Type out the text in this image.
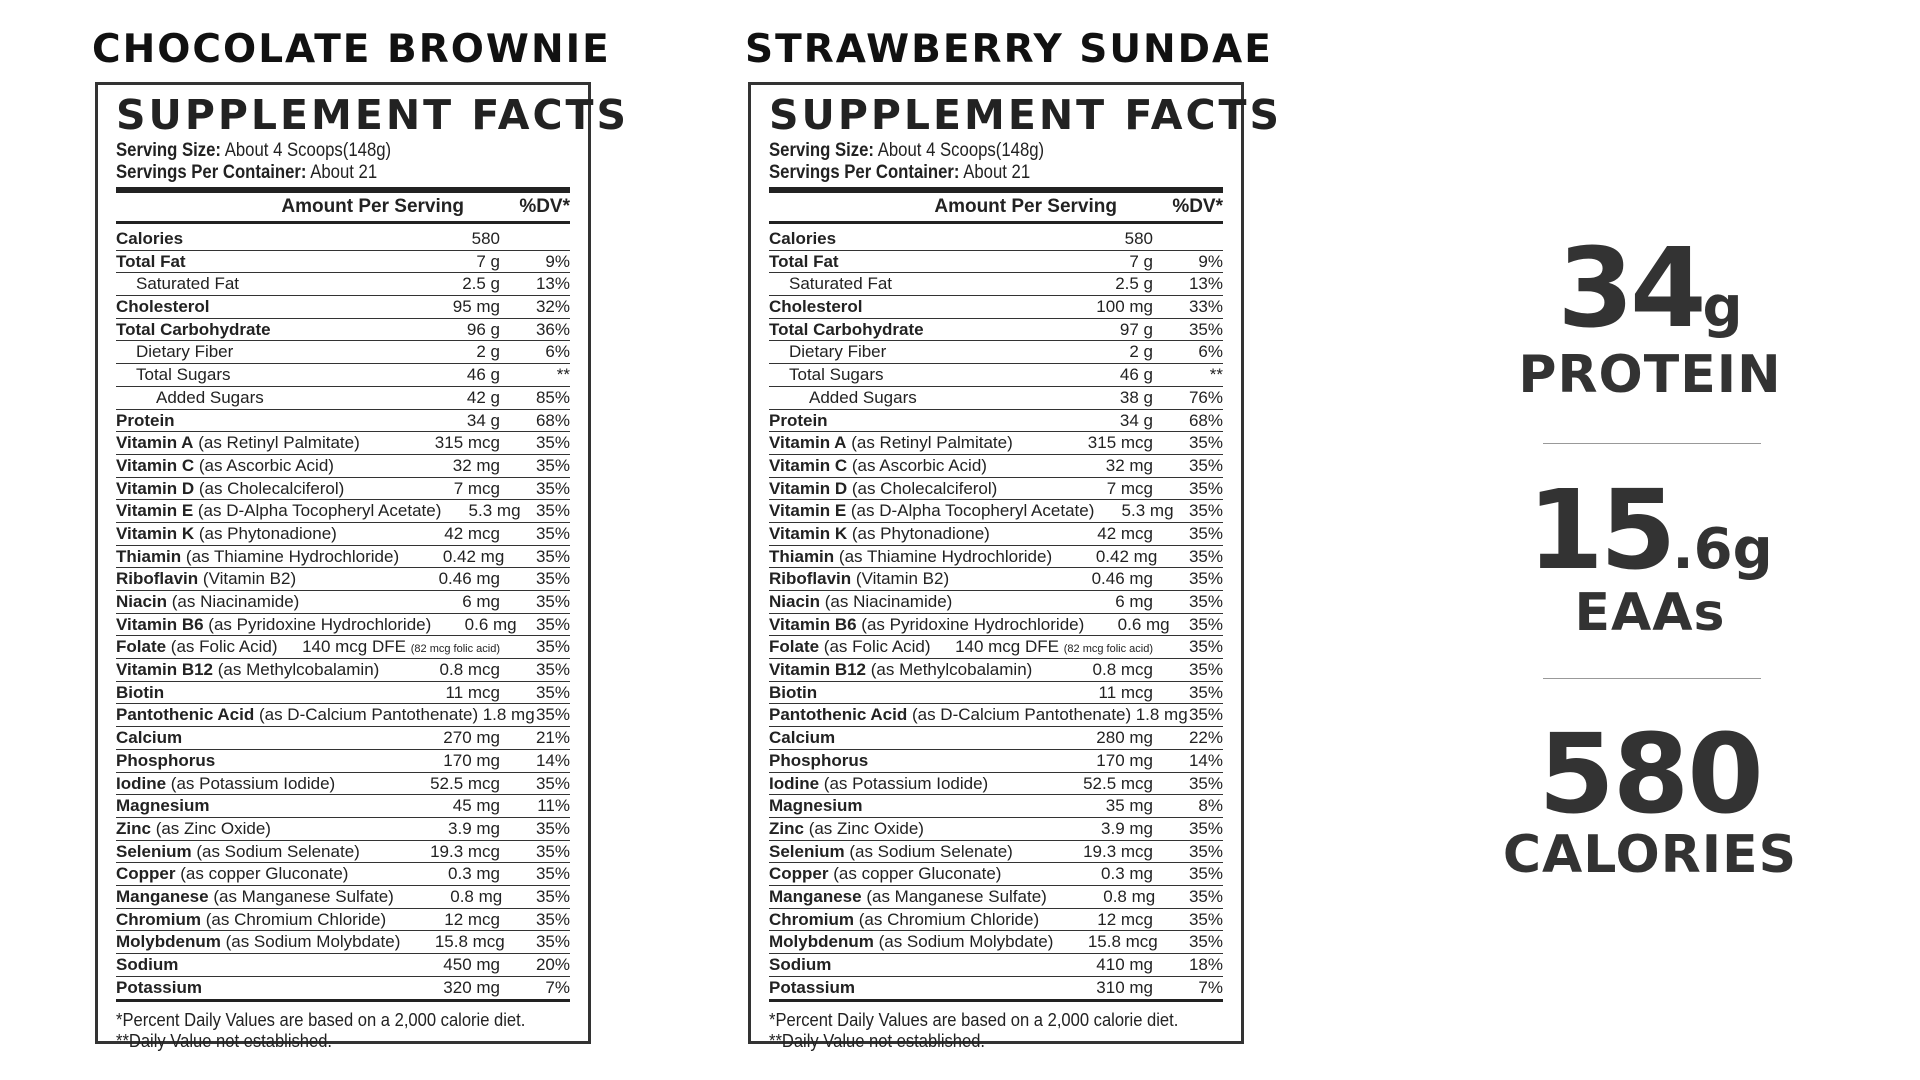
CHOCOLATE BROWNIE	STRAWBERRY SUNDAE
SUPPLEMENT FACTS
Serving Size: About 4 Scoops(148g)
Servings Per Container: About 21
Amount Per Serving	%DV*
Calories	580
Total Fat	7 g	9%
Saturated Fat	2.5 g	13%
Cholesterol	95 mg	32%
Total Carbohydrate	96 g	36%
Dietary Fiber	2 g	6%
Total Sugars	46 g	**
Added Sugars	42 g	85%
Protein	34 g	68%
Vitamin A (as Retinyl Palmitate)	315 mcg	35%
Vitamin C (as Ascorbic Acid)	32 mg	35%
Vitamin D (as Cholecalciferol)	7 mcg	35%
Vitamin E (as D-Alpha Tocopheryl Acetate)	5.3 mg 35%
Vitamin K (as Phytonadione)	42 mcg	35%
Thiamin (as Thiamine Hydrochloride)	0.42 mg	35%
Riboflavin (Vitamin B2)	0.46 mg	35%
Niacin (as Niacinamide)	6 mg	35%
Vitamin B6 (as Pyridoxine Hydrochloride)	0.6 mg	35%
Folate (as Folic Acid)	140 mcg DFE (82 mcg folic acid)	35%
Vitamin B12 (as Methylcobalamin)	0.8 mcg	35%
Biotin	11 mcg	35%
Pantothenic Acid (as D-Calcium Pantothenate) 1.8 mg 35%
Calcium	270 mg	21%
Phosphorus	170 mg	14%
Iodine (as Potassium Iodide)	52.5 mcg	35%
Magnesium	45 mg	11%
Zinc (as Zinc Oxide)	3.9 mg	35%
Selenium (as Sodium Selenate)	19.3 mcg	35%
Copper (as copper Gluconate)	0.3 mg	35%
Manganese (as Manganese Sulfate)	0.8 mg	35%
Chromium (as Chromium Chloride)	12 mcg	35%
Molybdenum (as Sodium Molybdate)	15.8 mcg	35%
Sodium	450 mg	20%
Potassium	320 mg	7%
*Percent Daily Values are based on a 2,000 calorie diet.
**Daily Value not established.
SUPPLEMENT FACTS
Serving Size: About 4 Scoops(148g)
Servings Per Container: About 21
Amount Per Serving	%DV*
Calories	580
Total Fat	7 g	9%
Saturated Fat	2.5 g	13%
Cholesterol	100 mg	33%
Total Carbohydrate	97 g	35%
Dietary Fiber	2 g	6%
Total Sugars	46 g	**
Added Sugars	38 g	76%
Protein	34 g	68%
Vitamin A (as Retinyl Palmitate)	315 mcg	35%
Vitamin C (as Ascorbic Acid)	32 mg	35%
Vitamin D (as Cholecalciferol)	7 mcg	35%
Vitamin E (as D-Alpha Tocopheryl Acetate)	5.3 mg 35%
Vitamin K (as Phytonadione)	42 mcg	35%
Thiamin (as Thiamine Hydrochloride)	0.42 mg	35%
Riboflavin (Vitamin B2)	0.46 mg	35%
Niacin (as Niacinamide)	6 mg	35%
Vitamin B6 (as Pyridoxine Hydrochloride)	0.6 mg	35%
Folate (as Folic Acid)	140 mcg DFE (82 mcg folic acid)	35%
Vitamin B12 (as Methylcobalamin)	0.8 mcg	35%
Biotin	11 mcg	35%
Pantothenic Acid (as D-Calcium Pantothenate) 1.8 mg 35%
Calcium	280 mg	22%
Phosphorus	170 mg	14%
Iodine (as Potassium Iodide)	52.5 mcg	35%
Magnesium	35 mg	8%
Zinc (as Zinc Oxide)	3.9 mg	35%
Selenium (as Sodium Selenate)	19.3 mcg	35%
Copper (as copper Gluconate)	0.3 mg	35%
Manganese (as Manganese Sulfate)	0.8 mg	35%
Chromium (as Chromium Chloride)	12 mcg	35%
Molybdenum (as Sodium Molybdate)	15.8 mcg	35%
Sodium	410 mg	18%
Potassium	310 mg	7%
*Percent Daily Values are based on a 2,000 calorie diet.
**Daily Value not established.
34g
PROTEIN
15.6g
EAAs
580
CALORIES
